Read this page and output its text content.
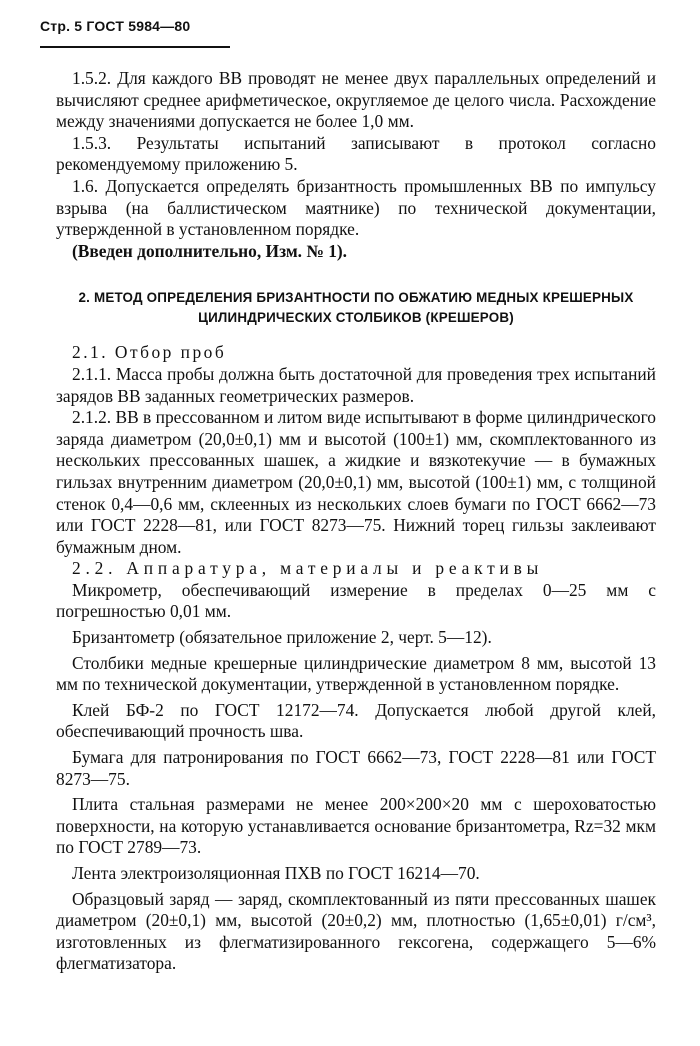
Стр. 5 ГОСТ 5984—80

1.5.2. Для каждого ВВ проводят не менее двух параллельных определений и вычисляют среднее арифметическое, округляемое де целого числа. Расхождение между значениями допускается не более 1,0 мм.

1.5.3. Результаты испытаний записывают в протокол согласно рекомендуемому приложению 5.

1.6. Допускается определять бризантность промышленных ВВ по импульсу взрыва (на баллистическом маятнике) по технической документации, утвержденной в установленном порядке.

(Введен дополнительно, Изм. № 1).

2. МЕТОД ОПРЕДЕЛЕНИЯ БРИЗАНТНОСТИ ПО ОБЖАТИЮ МЕДНЫХ КРЕШЕРНЫХ ЦИЛИНДРИЧЕСКИХ СТОЛБИКОВ (КРЕШЕРОВ)

2.1. Отбор проб

2.1.1. Масса пробы должна быть достаточной для проведения трех испытаний зарядов ВВ заданных геометрических размеров.

2.1.2. ВВ в прессованном и литом виде испытывают в форме цилиндрического заряда диаметром (20,0±0,1) мм и высотой (100±1) мм, скомплектованного из нескольких прессованных шашек, а жидкие и вязкотекучие — в бумажных гильзах внутренним диаметром (20,0±0,1) мм, высотой (100±1) мм, с толщиной стенок 0,4—0,6 мм, склеенных из нескольких слоев бумаги по ГОСТ 6662—73 или ГОСТ 2228—81, или ГОСТ 8273—75. Нижний торец гильзы заклеивают бумажным дном.

2.2. Аппаратура, материалы и реактивы

Микрометр, обеспечивающий измерение в пределах 0—25 мм с погрешностью 0,01 мм.

Бризантометр (обязательное приложение 2, черт. 5—12).

Столбики медные крешерные цилиндрические диаметром 8 мм, высотой 13 мм по технической документации, утвержденной в установленном порядке.

Клей БФ-2 по ГОСТ 12172—74. Допускается любой другой клей, обеспечивающий прочность шва.

Бумага для патронирования по ГОСТ 6662—73, ГОСТ 2228—81 или ГОСТ 8273—75.

Плита стальная размерами не менее 200×200×20 мм с шероховатостью поверхности, на которую устанавливается основание бризантометра, Rz=32 мкм по ГОСТ 2789—73.

Лента электроизоляционная ПХВ по ГОСТ 16214—70.

Образцовый заряд — заряд, скомплектованный из пяти прессованных шашек диаметром (20±0,1) мм, высотой (20±0,2) мм, плотностью (1,65±0,01) г/см³, изготовленных из флегматизированного гексогена, содержащего 5—6% флегматизатора.
